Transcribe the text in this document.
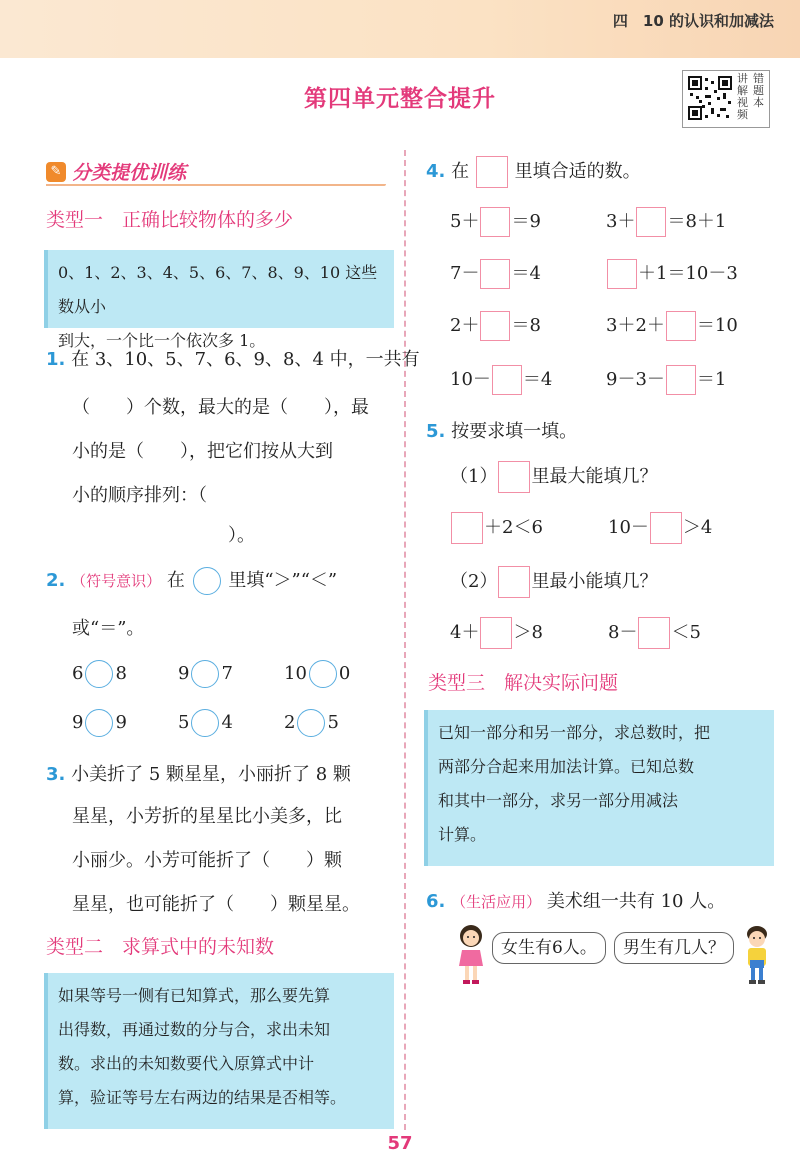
四　10 的认识和加减法
第四单元整合提升
讲解视频
错题本
✎ 分类提优训练
类型一　正确比较物体的多少
0、1、2、3、4、5、6、7、8、9、10 这些数从小
到大，一个比一个依次多 1。
1. 在 3、10、5、7、6、9、8、4 中，一共有
（　　）个数，最大的是（　　），最
小的是（　　），把它们按从大到
小的顺序排列：（
）。
2. （符号意识） 在 里填“＞”“＜”
或“＝”。
6 8	9 7	10 0
9 9	5 4	2 5
3. 小美折了 5 颗星星，小丽折了 8 颗
星星，小芳折的星星比小美多，比
小丽少。小芳可能折了（　　）颗
星星，也可能折了（　　）颗星星。
类型二　求算式中的未知数
如果等号一侧有已知算式，那么要先算
出得数，再通过数的分与合，求出未知
数。求出的未知数要代入原算式中计
算，验证等号左右两边的结果是否相等。
4. 在	里填合适的数。
5＋ ＝9	3＋ ＝8＋1
7－ ＝4	＋1＝10－3
2＋ ＝8	3＋2＋ ＝10
10－ ＝4	9－3－ ＝1
5. 按要求填一填。
（1） 里最大能填几？
＋2＜6	10－ ＞4
（2） 里最小能填几？
4＋ ＞8	8－ ＜5
类型三　解决实际问题
已知一部分和另一部分，求总数时，把
两部分合起来用加法计算。已知总数
和其中一部分，求另一部分用减法
计算。
6. （生活应用） 美术组一共有 10 人。
女生有6人。	男生有几人？
57
